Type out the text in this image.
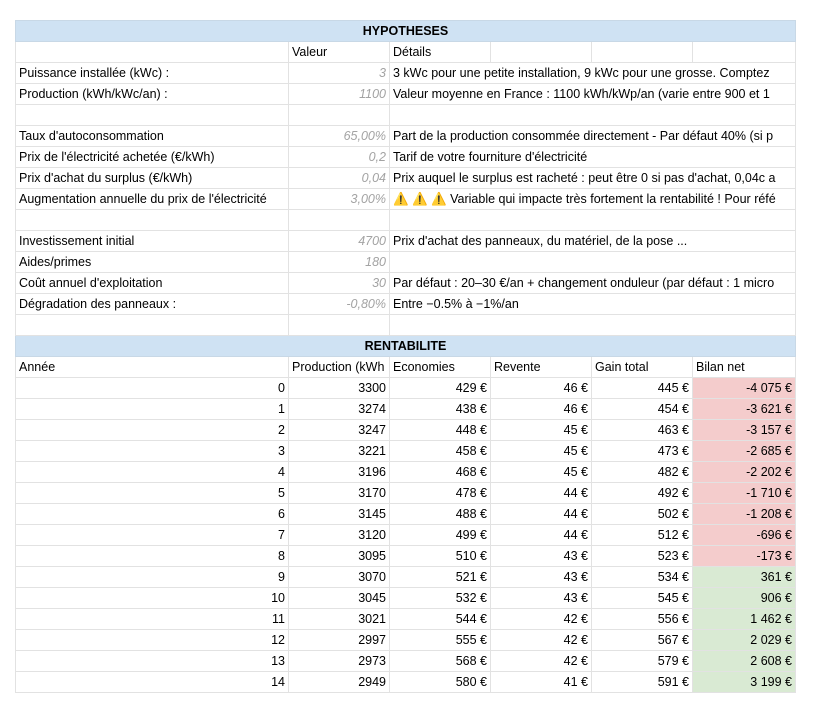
HYPOTHESES					
	Valeur	Détails			
Puissance installée (kWc) :	3	3 kWc pour une petite installation, 9 kWc pour une grosse. Comptez			
Production (kWh/kWc/an) :	1100	Valeur moyenne en France : 1100 kWh/kWp/an (varie entre 900 et 1			

Taux d'autoconsommation	65,00%	Part de la production consommée directement - Par défaut 40% (si p			
Prix de l'électricité achetée (€/kWh)	0,2	Tarif de votre fourniture d'électricité			
Prix d'achat du surplus (€/kWh)	0,04	Prix auquel le surplus est racheté : peut être 0 si pas d'achat, 0,04c a			
Augmentation annuelle du prix de l'électricité	3,00%	⚠️ ⚠️ ⚠️ Variable qui impacte très fortement la rentabilité ! Pour réfé			

Investissement initial	4700	Prix d'achat des panneaux, du matériel, de la pose ...			
Aides/primes	180				
Coût annuel d'exploitation	30	Par défaut : 20–30 €/an + changement onduleur (par défaut : 1 micro			
Dégradation des panneaux :	-0,80%	Entre −0.5% à −1%/an			

RENTABILITE					
Année	Production (kWh	Economies	Revente	Gain total	Bilan net
0	3300	429 €	46 €	445 €	-4 075 €
1	3274	438 €	46 €	454 €	-3 621 €
2	3247	448 €	45 €	463 €	-3 157 €
3	3221	458 €	45 €	473 €	-2 685 €
4	3196	468 €	45 €	482 €	-2 202 €
5	3170	478 €	44 €	492 €	-1 710 €
6	3145	488 €	44 €	502 €	-1 208 €
7	3120	499 €	44 €	512 €	-696 €
8	3095	510 €	43 €	523 €	-173 €
9	3070	521 €	43 €	534 €	361 €
10	3045	532 €	43 €	545 €	906 €
11	3021	544 €	42 €	556 €	1 462 €
12	2997	555 €	42 €	567 €	2 029 €
13	2973	568 €	42 €	579 €	2 608 €
14	2949	580 €	41 €	591 €	3 199 €
